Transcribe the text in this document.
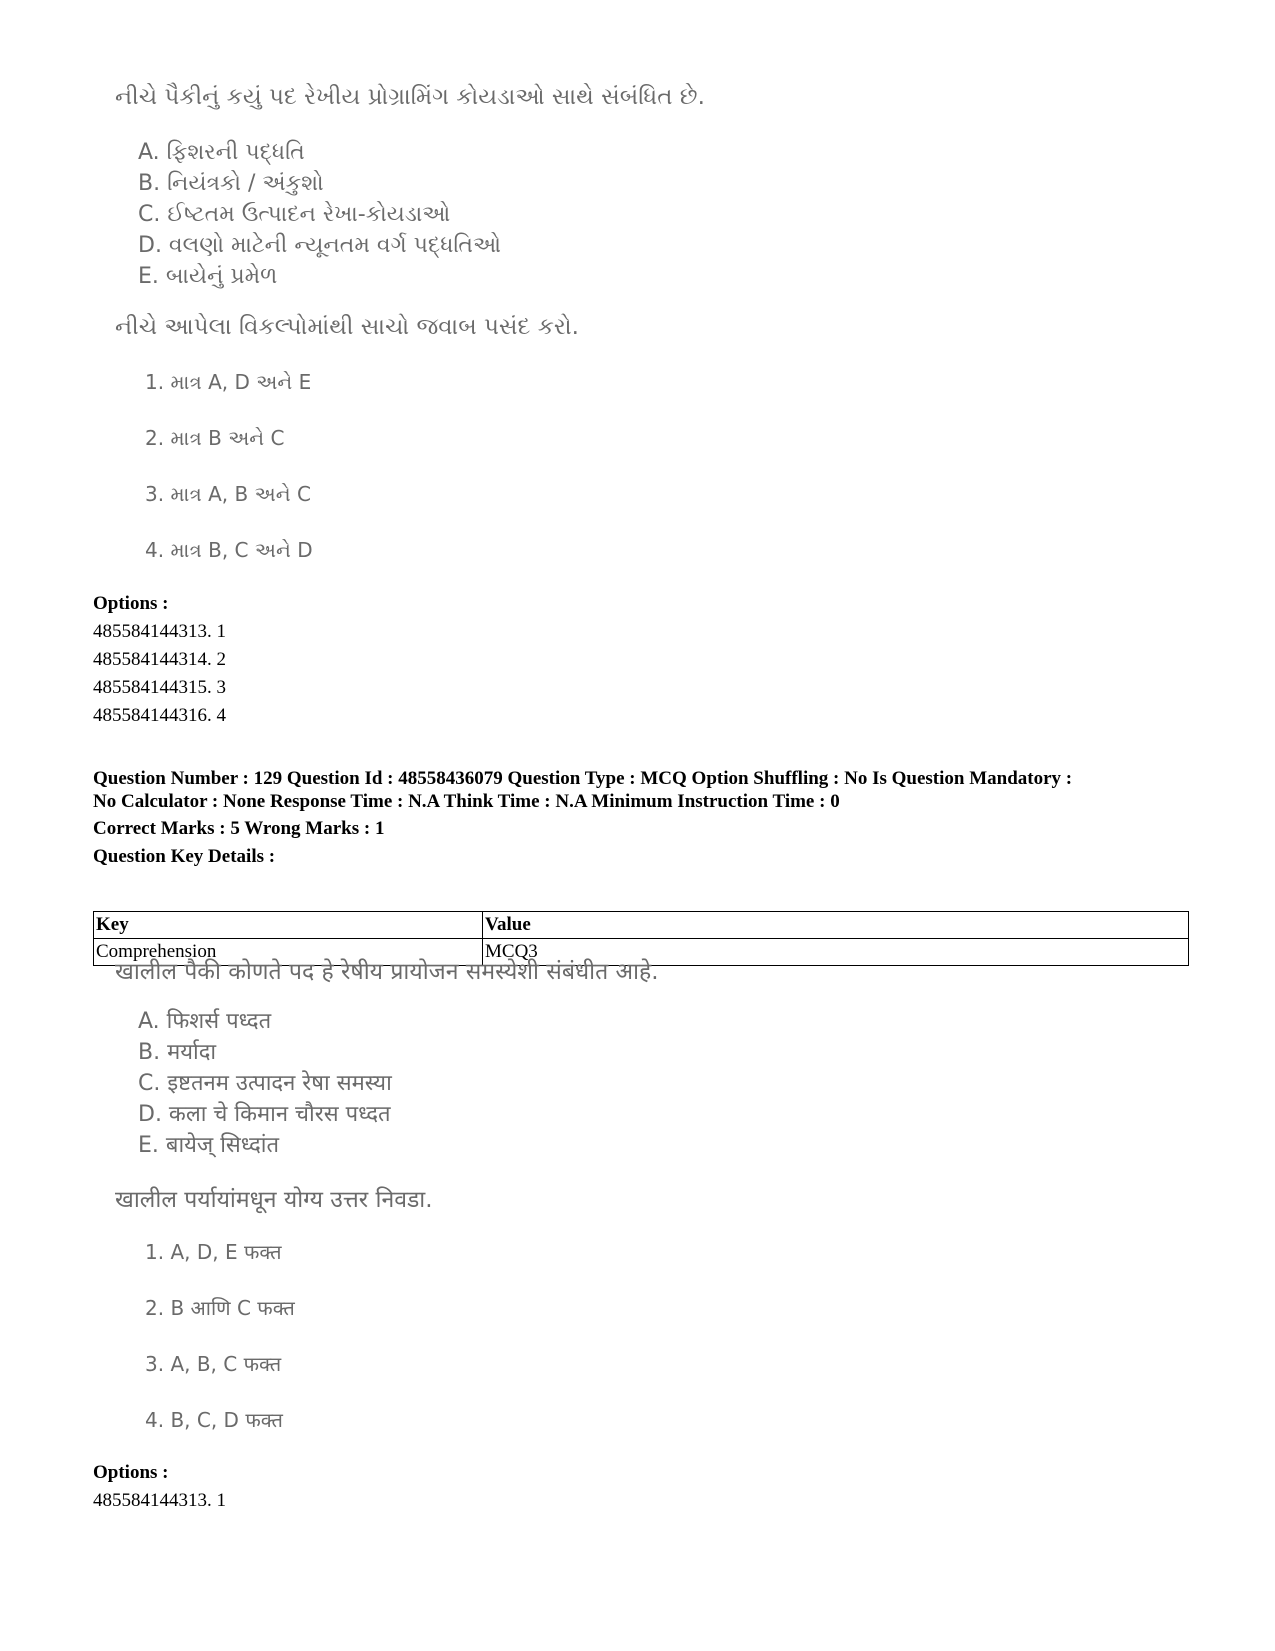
નીચે પૈકીનું કયું પદ રેખીય પ્રોગ્રામિંગ કોયડાઓ સાથે સંબંધિત છે.
A. ફિશરની પદ્ધતિ
B. નિયંત્રકો / અંકુશો
C. ઈષ્ટતમ ઉત્પાદન રેખા-કોયડાઓ
D. વલણો માટેની ન્યૂનતમ વર્ગ પદ્ધતિઓ
E. બાયેનું પ્રમેળ
નીચે આપેલા વિકલ્પોમાંથી સાચો જવાબ પસંદ કરો.
1. માત્ર A, D અને E
2. માત્ર B અને C
3. માત્ર A, B અને C
4. માત્ર B, C અને D
Options :
485584144313. 1
485584144314. 2
485584144315. 3
485584144316. 4
Question Number : 129 Question Id : 48558436079 Question Type : MCQ Option Shuffling : No Is Question Mandatory :
No Calculator : None Response Time : N.A Think Time : N.A Minimum Instruction Time : 0
Correct Marks : 5 Wrong Marks : 1
Question Key Details :
Key	Value
Comprehension	MCQ3
खालील पैकी कोणते पद हे रेषीय प्रायोजन समस्येशी संबंधीत आहे.
A. फिशर्स पध्दत
B. मर्यादा
C. इष्टतनम उत्पादन रेषा समस्या
D. कला चे किमान चौरस पध्दत
E. बायेज् सिध्दांत
खालील पर्यायांमधून योग्य उत्तर निवडा.
1. A, D, E फक्त
2. B आणि C फक्त
3. A, B, C फक्त
4. B, C, D फक्त
Options :
485584144313. 1
